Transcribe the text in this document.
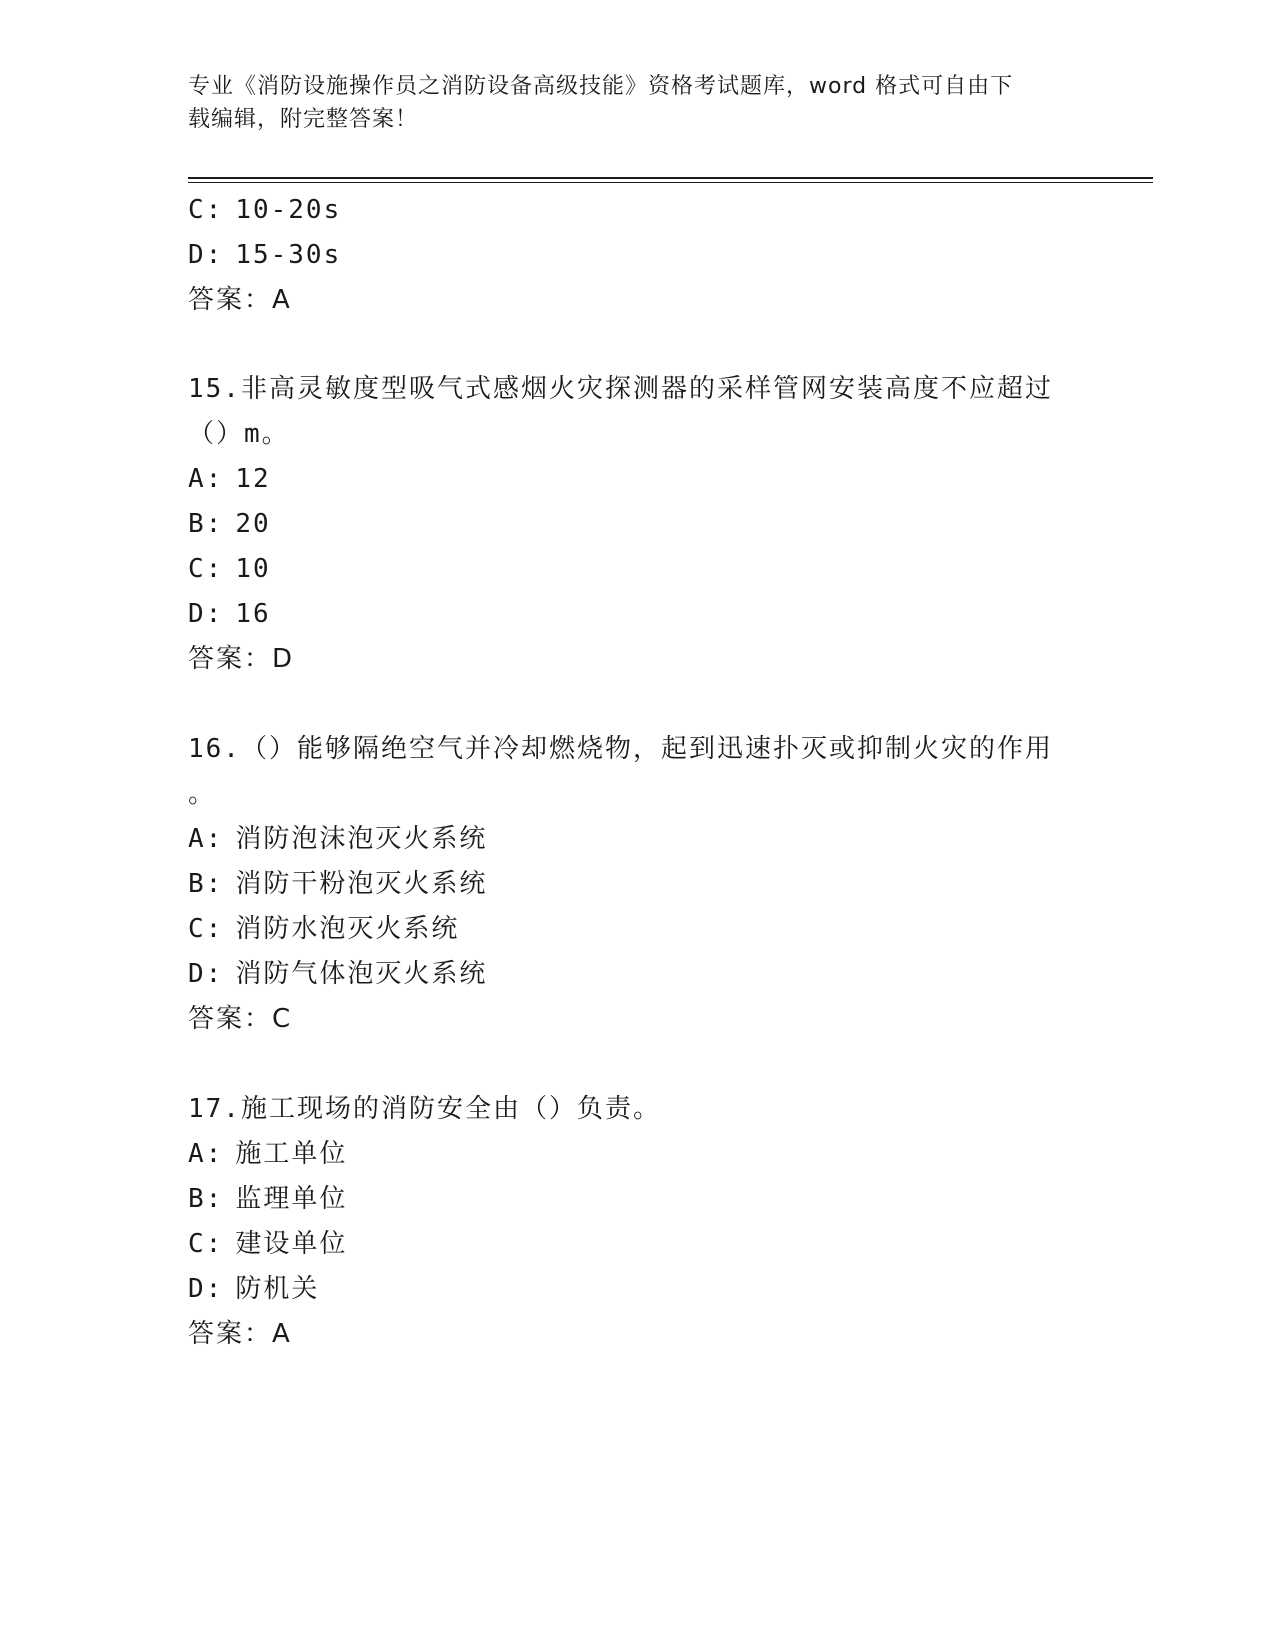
专业《消防设施操作员之消防设备高级技能》资格考试题库，word 格式可自由下
载编辑，附完整答案！
C: 10-20s
D: 15-30s
答案：A
15.非高灵敏度型吸气式感烟火灾探测器的采样管网安装高度不应超过
（）m。
A: 12
B: 20
C: 10
D: 16
答案：D
16.（）能够隔绝空气并冷却燃烧物，起到迅速扑灭或抑制火灾的作用
。
A: 消防泡沫泡灭火系统
B: 消防干粉泡灭火系统
C: 消防水泡灭火系统
D: 消防气体泡灭火系统
答案：C
17.施工现场的消防安全由（）负责。
A: 施工单位
B: 监理单位
C: 建设单位
D: 防机关
答案：A
